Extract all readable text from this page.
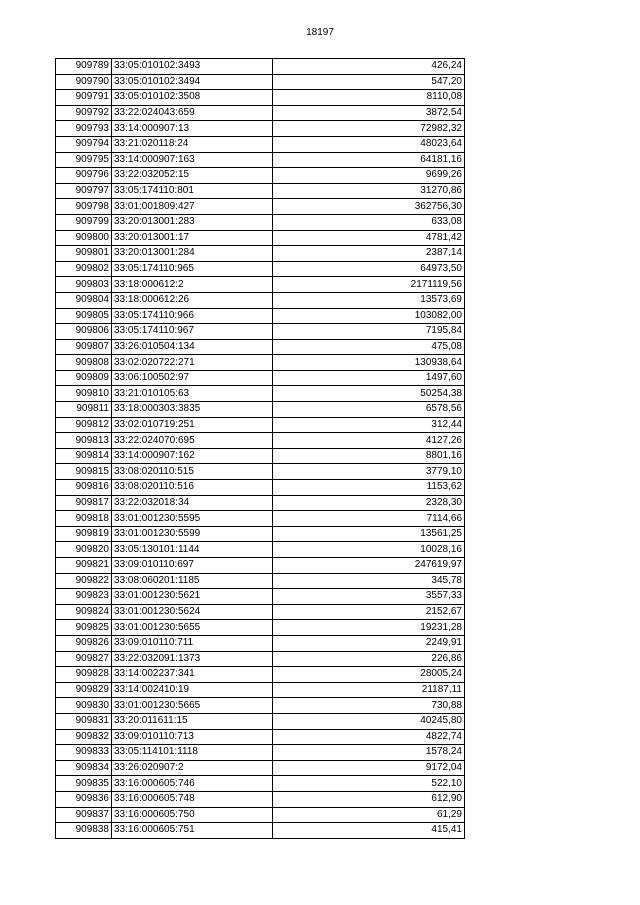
18197
909789	33:05:010102:3493	426,24
909790	33:05:010102:3494	547,20
909791	33:05:010102:3508	8110,08
909792	33:22:024043:659	3872,54
909793	33:14:000907:13	72982,32
909794	33:21:020118:24	48023,64
909795	33:14:000907:163	64181,16
909796	33:22:032052:15	9699,26
909797	33:05:174110:801	31270,86
909798	33:01:001809:427	362756,30
909799	33:20:013001:283	633,08
909800	33:20:013001:17	4781,42
909801	33:20:013001:284	2387,14
909802	33:05:174110:965	64973,50
909803	33:18:000612:2	2171119,56
909804	33:18:000612:26	13573,69
909805	33:05:174110:966	103082,00
909806	33:05:174110:967	7195,84
909807	33:26:010504:134	475,08
909808	33:02:020722:271	130938,64
909809	33:06:100502:97	1497,60
909810	33:21:010105:63	50254,38
909811	33:18:000303:3835	6578,56
909812	33:02:010719:251	312,44
909813	33:22:024070:695	4127,26
909814	33:14:000907:162	8801,16
909815	33:08:020110:515	3779,10
909816	33:08:020110:516	1153,62
909817	33:22:032018:34	2328,30
909818	33:01:001230:5595	7114,66
909819	33:01:001230:5599	13561,25
909820	33:05:130101:1144	10028,16
909821	33:09:010110:697	247619,97
909822	33:08:060201:1185	345,78
909823	33:01:001230:5621	3557,33
909824	33:01:001230:5624	2152,67
909825	33:01:001230:5655	19231,28
909826	33:09:010110:711	2249,91
909827	33:22:032091:1373	226,86
909828	33:14:002237:341	28005,24
909829	33:14:002410:19	21187,11
909830	33:01:001230:5665	730,88
909831	33:20:011611:15	40245,80
909832	33:09:010110:713	4822,74
909833	33:05:114101:1118	1578,24
909834	33:26:020907:2	9172,04
909835	33:16:000605:746	522,10
909836	33:16:000605:748	612,90
909837	33:16:000605:750	61,29
909838	33:16:000605:751	415,41
